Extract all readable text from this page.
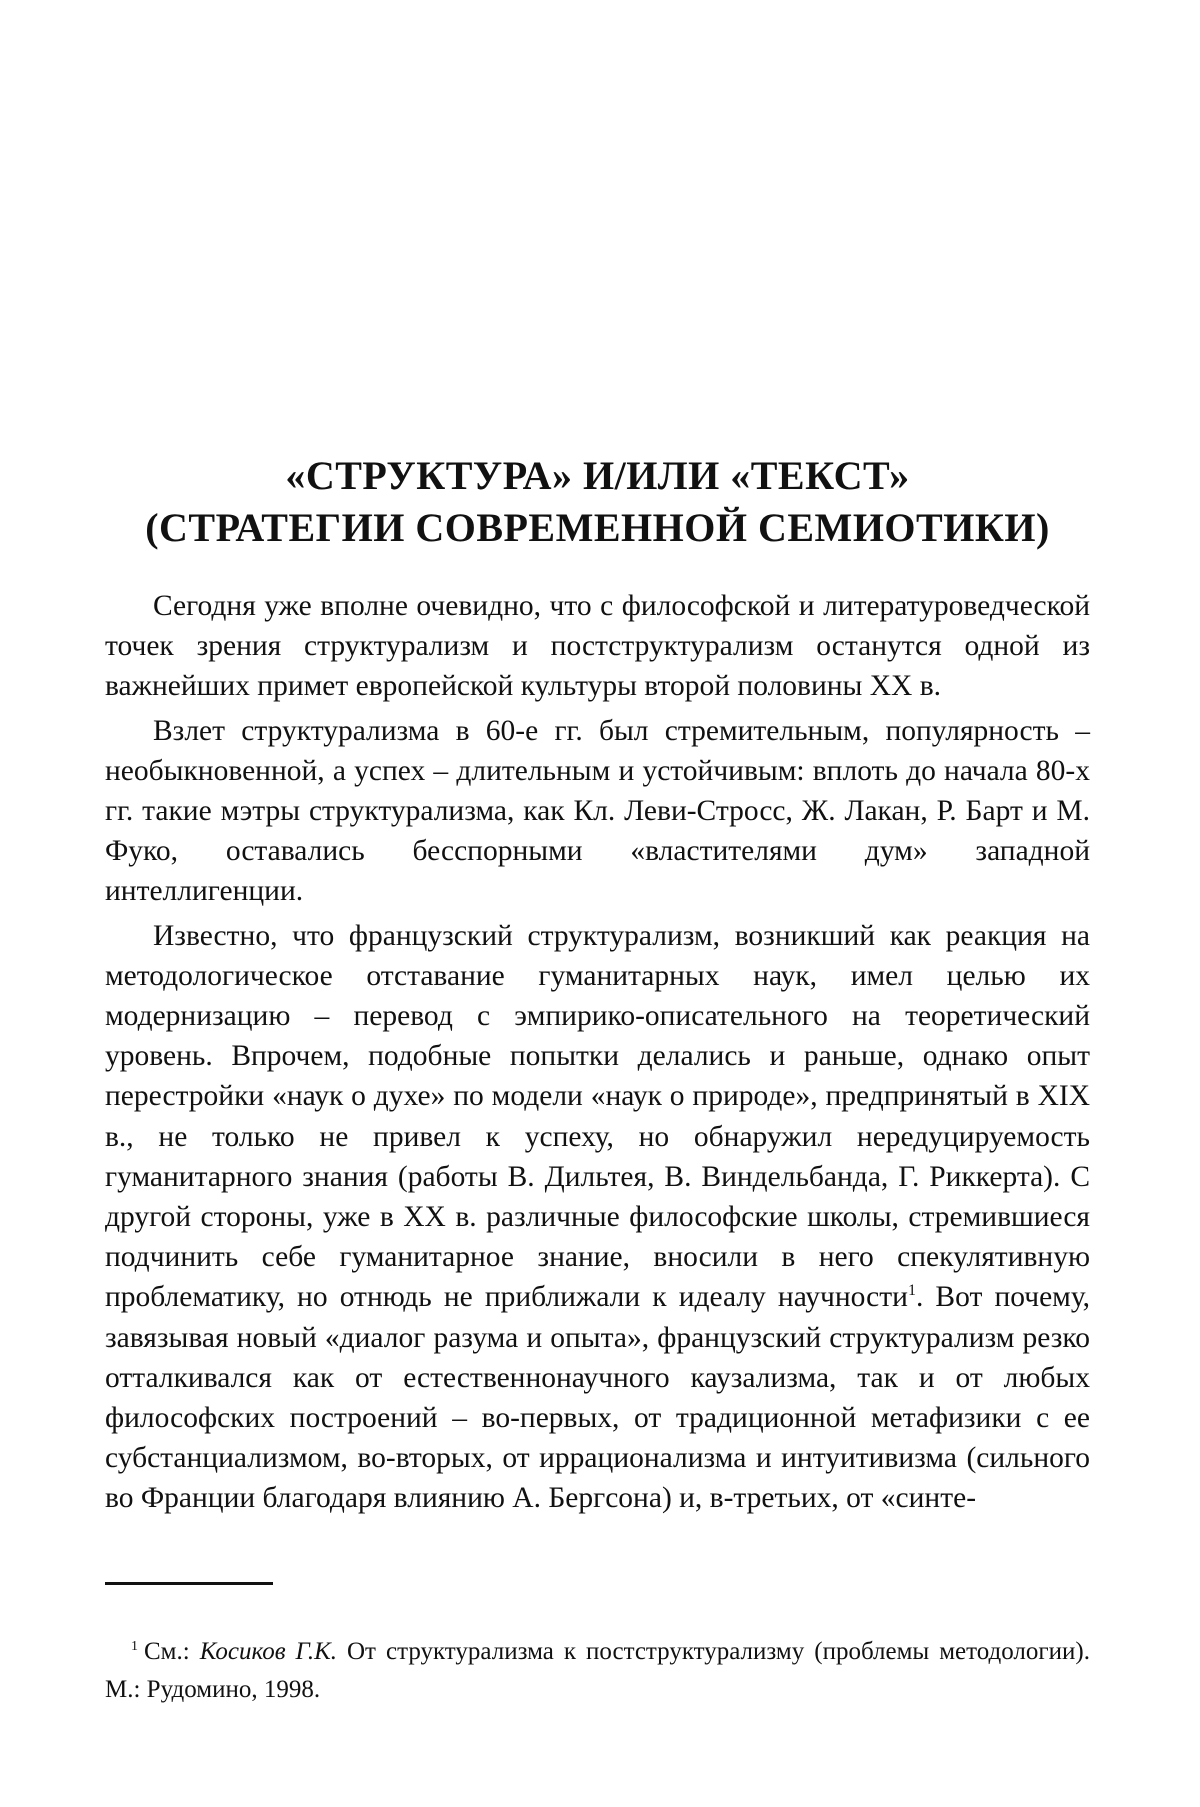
«СТРУКТУРА» И/ИЛИ «ТЕКСТ»
(СТРАТЕГИИ СОВРЕМЕННОЙ СЕМИОТИКИ)

Сегодня уже вполне очевидно, что с философской и литературоведческой точек зрения структурализм и постструктурализм останутся одной из важнейших примет европейской культуры второй половины XX в.

Взлет структурализма в 60-е гг. был стремительным, популярность – необыкновенной, а успех – длительным и устойчивым: вплоть до начала 80-х гг. такие мэтры структурализма, как Кл. Леви-Стросс, Ж. Лакан, Р. Барт и М. Фуко, оставались бесспорными «властителями дум» западной интеллигенции.

Известно, что французский структурализм, возникший как реакция на методологическое отставание гуманитарных наук, имел целью их модернизацию – перевод с эмпирико-описательного на теоретический уровень. Впрочем, подобные попытки делались и раньше, однако опыт перестройки «наук о духе» по модели «наук о природе», предпринятый в XIX в., не только не привел к успеху, но обнаружил нередуцируемость гуманитарного знания (работы В. Дильтея, В. Виндельбанда, Г. Риккерта). С другой стороны, уже в XX в. различные философские школы, стремившиеся подчинить себе гуманитарное знание, вносили в него спекулятивную проблематику, но отнюдь не приближали к идеалу научности$^1$. Вот почему, завязывая новый «диалог разума и опыта», французский структурализм резко отталкивался как от естественнонаучного каузализма, так и от любых философских построений – во-первых, от традиционной метафизики с ее субстанциализмом, во-вторых, от иррационализма и интуитивизма (сильного во Франции благодаря влиянию А. Бергсона) и, в-третьих, от «синте-

$^1$ См.: Косиков Г.К. От структурализма к постструктурализму (проблемы методологии). М.: Рудомино, 1998.
